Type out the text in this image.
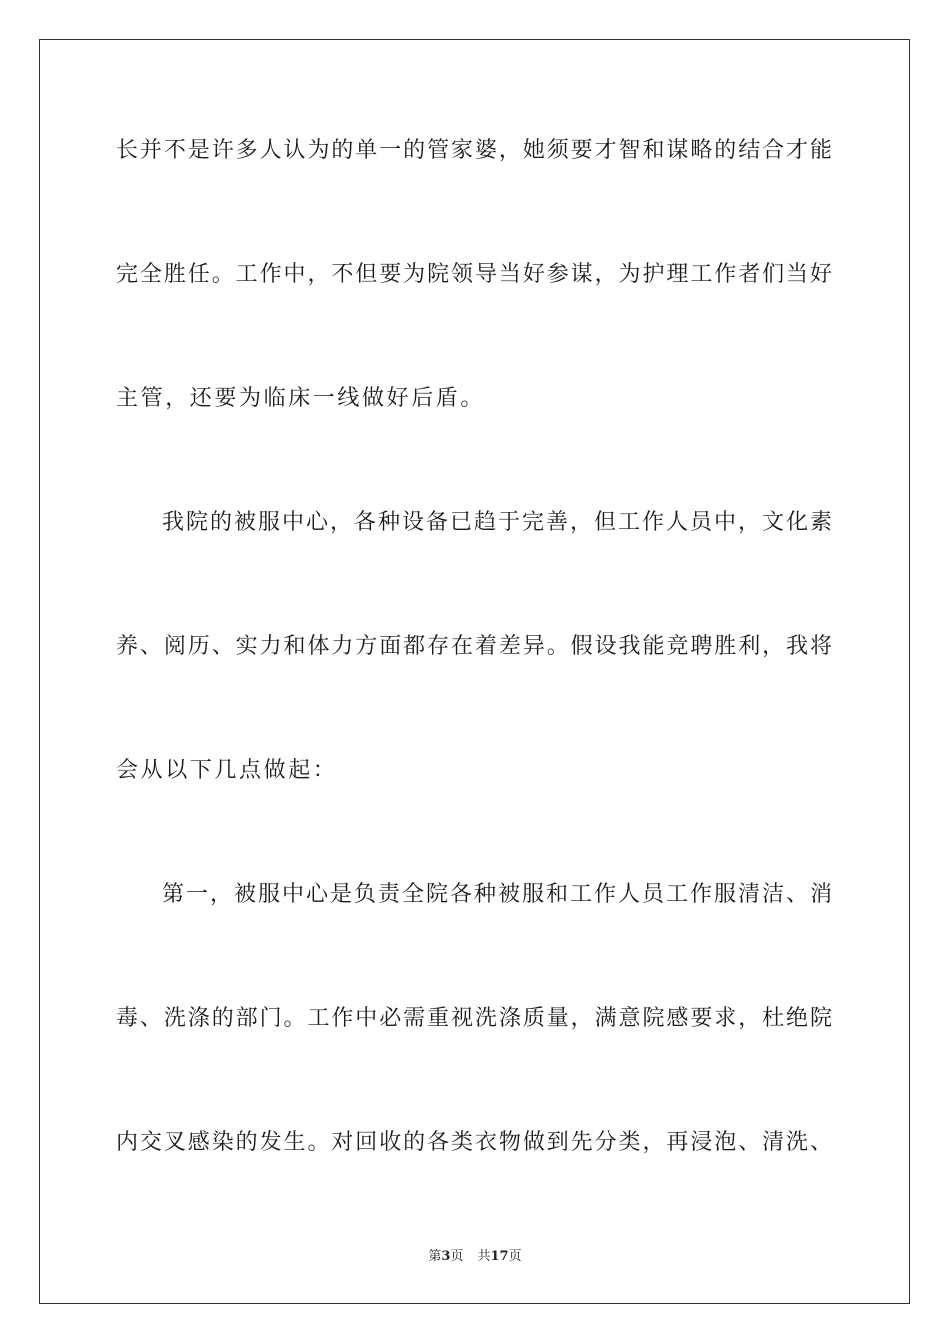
长并不是许多人认为的单一的管家婆，她须要才智和谋略的结合才能
完全胜任。工作中，不但要为院领导当好参谋，为护理工作者们当好
主管，还要为临床一线做好后盾。
我院的被服中心，各种设备已趋于完善，但工作人员中，文化素
养、阅历、实力和体力方面都存在着差异。假设我能竞聘胜利，我将
会从以下几点做起：
第一，被服中心是负责全院各种被服和工作人员工作服清洁、消
毒、洗涤的部门。工作中必需重视洗涤质量，满意院感要求，杜绝院
内交叉感染的发生。对回收的各类衣物做到先分类，再浸泡、清洗、
第3页 共17页
